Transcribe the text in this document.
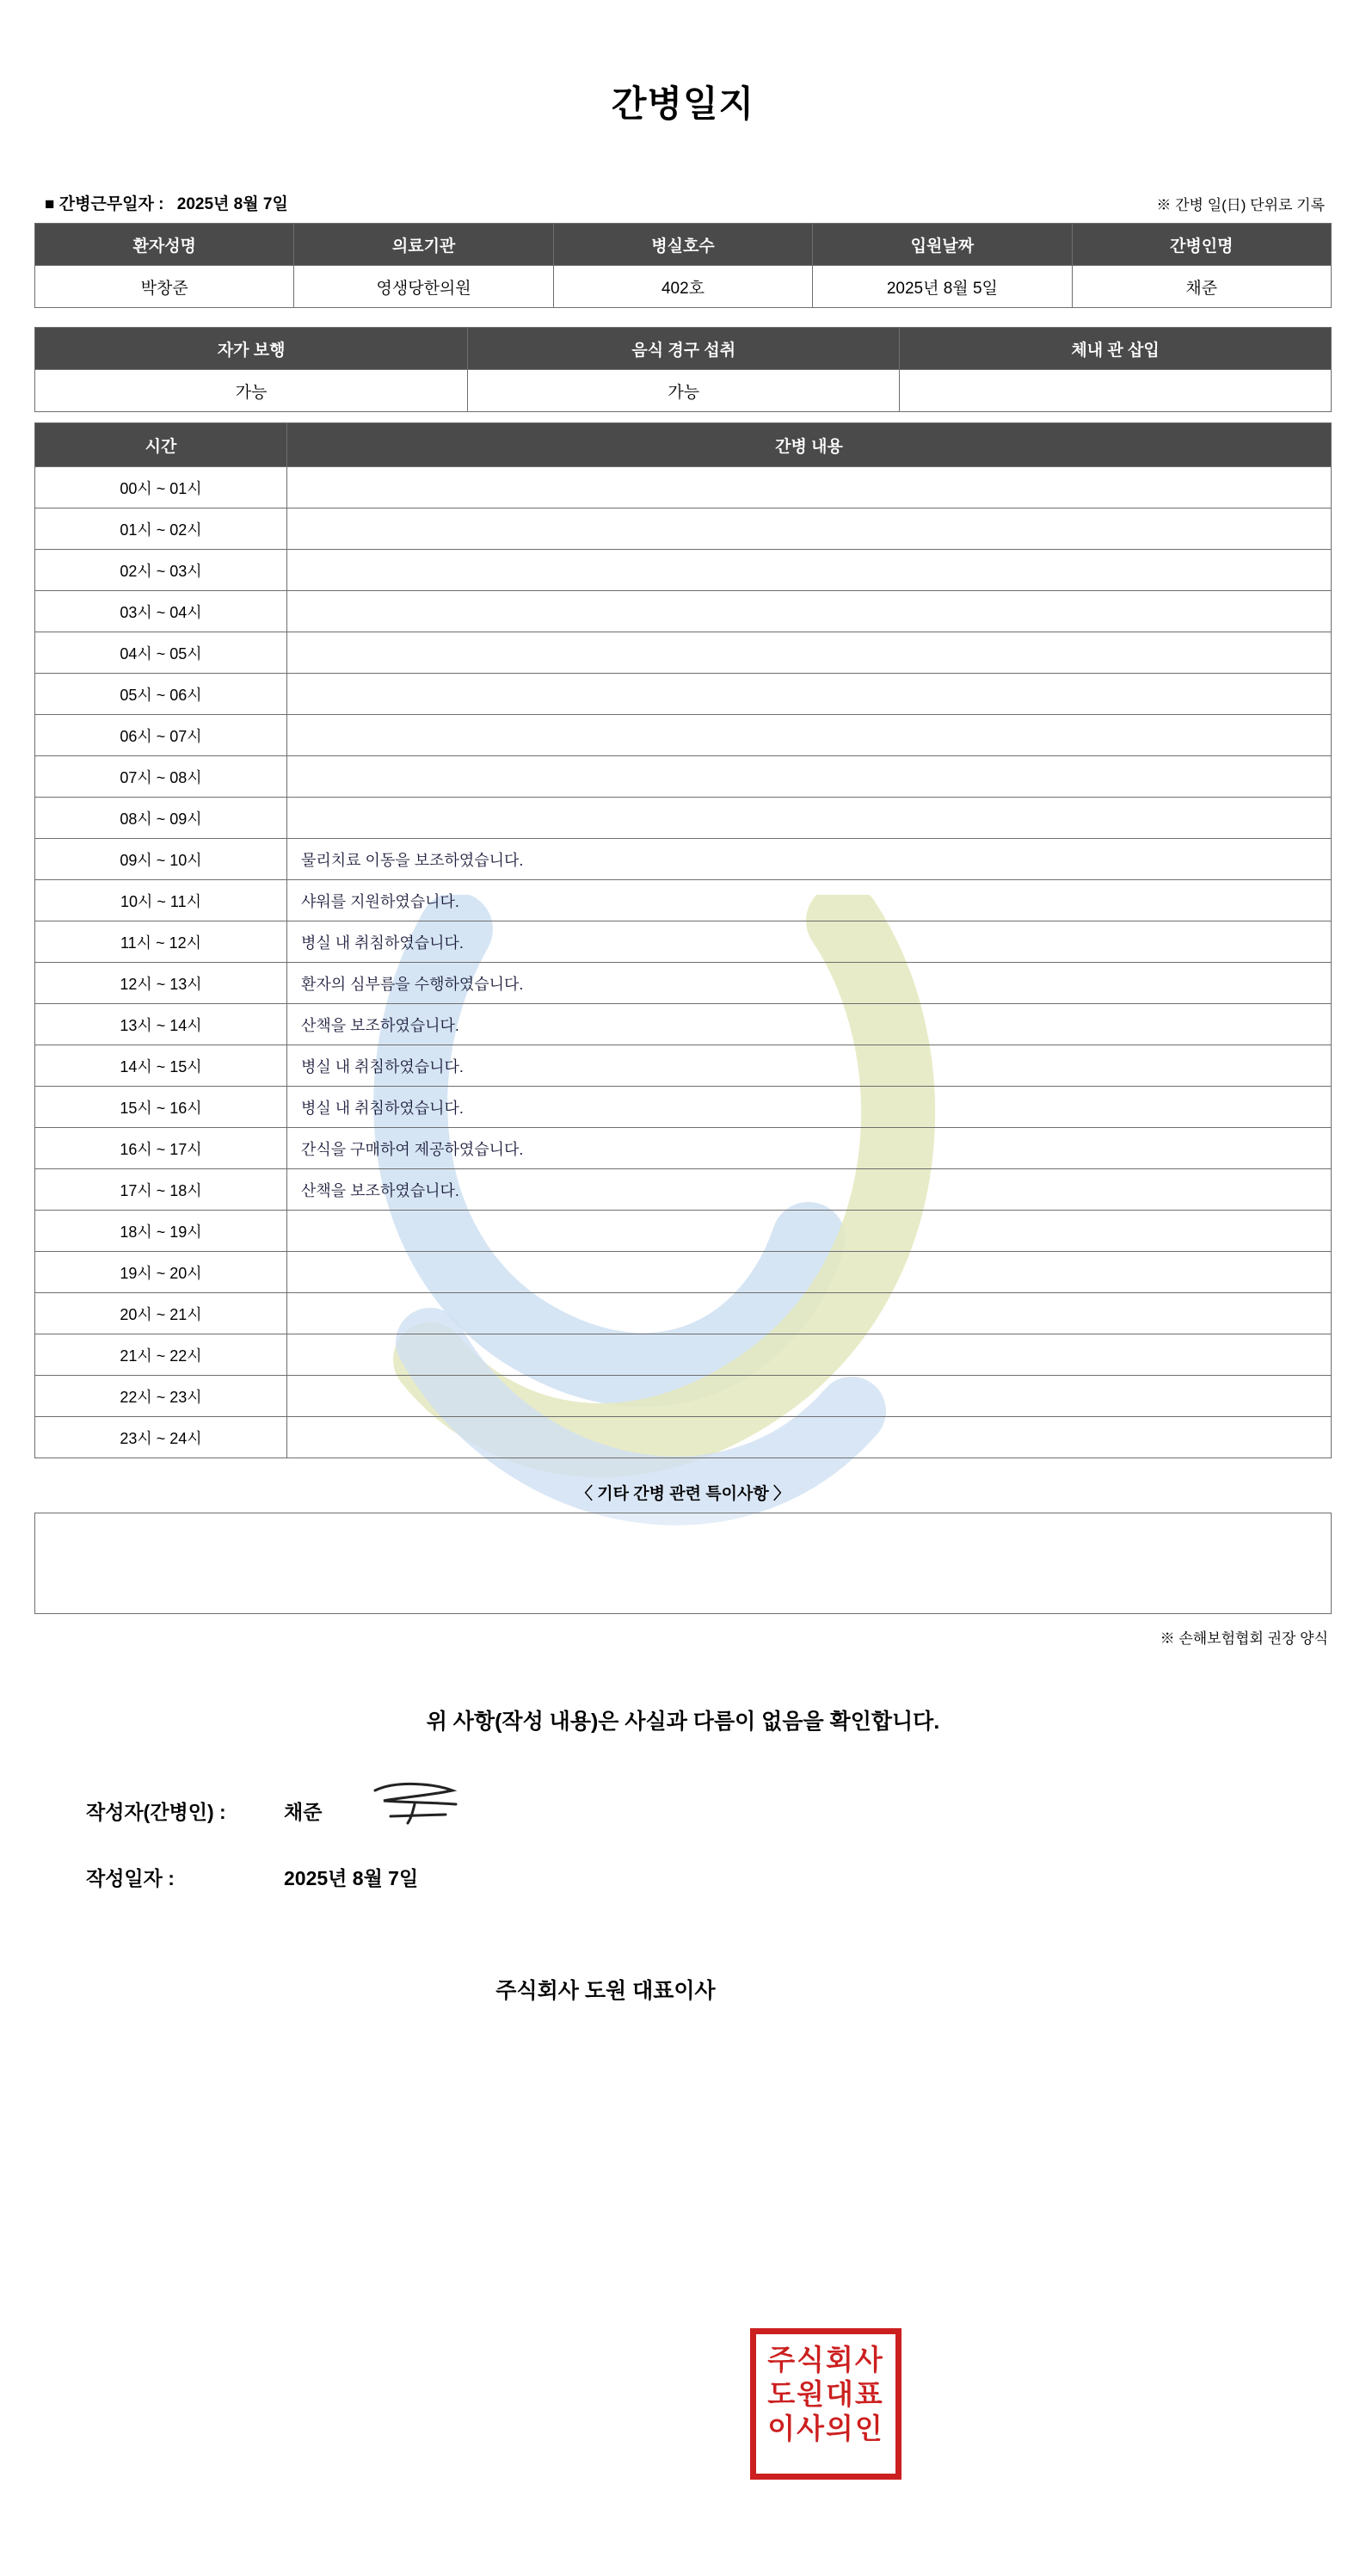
간병일지
■ 간병근무일자 : 2025년 8월 7일	※ 간병 일(日) 단위로 기록
환자성명	의료기관	병실호수	입원날짜	간병인명
박창준	영생당한의원	402호	2025년 8월 5일	채준
자가 보행	음식 경구 섭취	체내 관 삽입
가능	가능	
시간	간병 내용
00시 ~ 01시	
01시 ~ 02시	
02시 ~ 03시	
03시 ~ 04시	
04시 ~ 05시	
05시 ~ 06시	
06시 ~ 07시	
07시 ~ 08시	
08시 ~ 09시	
09시 ~ 10시	물리치료 이동을 보조하였습니다.
10시 ~ 11시	샤워를 지원하였습니다.
11시 ~ 12시	병실 내 취침하였습니다.
12시 ~ 13시	환자의 심부름을 수행하였습니다.
13시 ~ 14시	산책을 보조하였습니다.
14시 ~ 15시	병실 내 취침하였습니다.
15시 ~ 16시	병실 내 취침하였습니다.
16시 ~ 17시	간식을 구매하여 제공하였습니다.
17시 ~ 18시	산책을 보조하였습니다.
18시 ~ 19시	
19시 ~ 20시	
20시 ~ 21시	
21시 ~ 22시	
22시 ~ 23시	
23시 ~ 24시	
〈 기타 간병 관련 특이사항 〉
※ 손해보험협회 권장 양식
위 사항(작성 내용)은 사실과 다름이 없음을 확인합니다.
작성자(간병인) :	채준
작성일자 :	2025년 8월 7일
주식회사 도원 대표이사
주식회사 도원대표 이사의인
